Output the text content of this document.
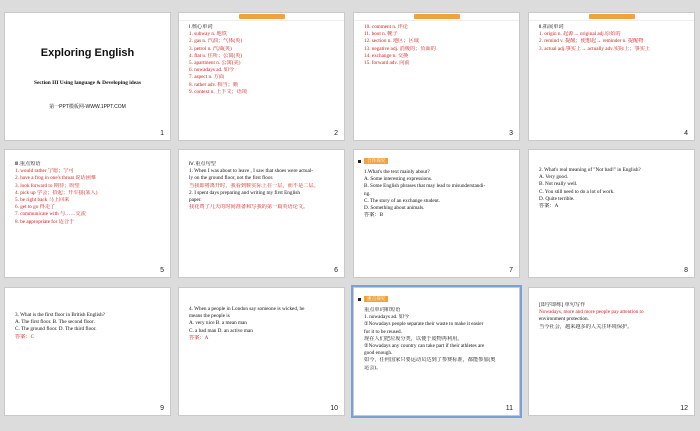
Exploring English
Section III Using language & Developing ideas
第一PPT模板网-WWW.1PPT.COM
1
Ⅰ.核心单词
1. subway n. 地铁
2. gas n. 汽油；气体(英)
3. petrol n. 汽油(英)
4. flat n. 住所；公寓(英)
5. apartment n. 公寓(美)
6. nowadays ad. 如今
7. aspect n. 方面
8. rather adv. 相当；颇
9. context n. 上下文；语境
2
10. comment n. 评论
11. boot n. 靴子
12. section n. 地区；区域
13. negative adj. 消极的；负面的
14. exchange n. 交换
15. forward adv. 向前
3
Ⅱ.拓展单词
1. origin n. 起源→ original adj.原始的
2. remind v. 提醒；使想起→ reminder n. 提醒物
3. actual adj.事实上→ actually adv.实际上；事实上
4
Ⅲ.重点短语
1. would rather 宁愿；宁可
2. have a frog in one's throat 说话困难
3. look forward to 期待；盼望
4. pick up 学会；拾起；开车接(某人)
5. be right back 马上回来
6. get to go 得走了
7. communicate with 与……交流
8. be appropriate for 适合于
5
Ⅳ.重点句型
1. When I was about to leave , I saw that shoes were actual-
ly on the ground floor, not the first floor.
当我即将离开时，我看到鞋实际上在一层，而不是二层。
2. I spent days preparing and writing my first English
paper.
我花费了几天的时间准备和写我的第一篇英语论文。
6
合作探究
1.What's the text mainly about?
A. Some interesting expressions.
B. Some English phrases that may lead to misunderstandi-
ng.
C. The story of an exchange student.
D. Something about animals.
答案：B
7
2. What's real meaning of "Not bad!" in English?
A. Very good.
B. Not really well.
C. You still need to do a lot of work.
D. Quite terrible.
答案：A
8
3. What is the first floor in British English?
A. The first floor. B. The second floor.
C. The ground floor. D. The third floor.
答案：C
9
4. When a people in London say someone is wicked, he
means the people is
A. very nice B. a mean man
C. a bad man D. an active man
答案：A
10
重点探究
重点单词和短语
1. nowadays ad. 如今
①Nowadays people separate their waste to make it easier
for it to be reused.
现在人们把垃圾分类，以便于废物再利用。
②Nowadays any country can take part if their athletes are
good enough.
如今，任何国家只要运动员达到了参赛标准，都能参加(奥
运会)。
11
[即学即练] 单句写作
Nowadays, more and more people pay attention to
environment protection.
当今社会，越来越多的人关注环境保护。
12
